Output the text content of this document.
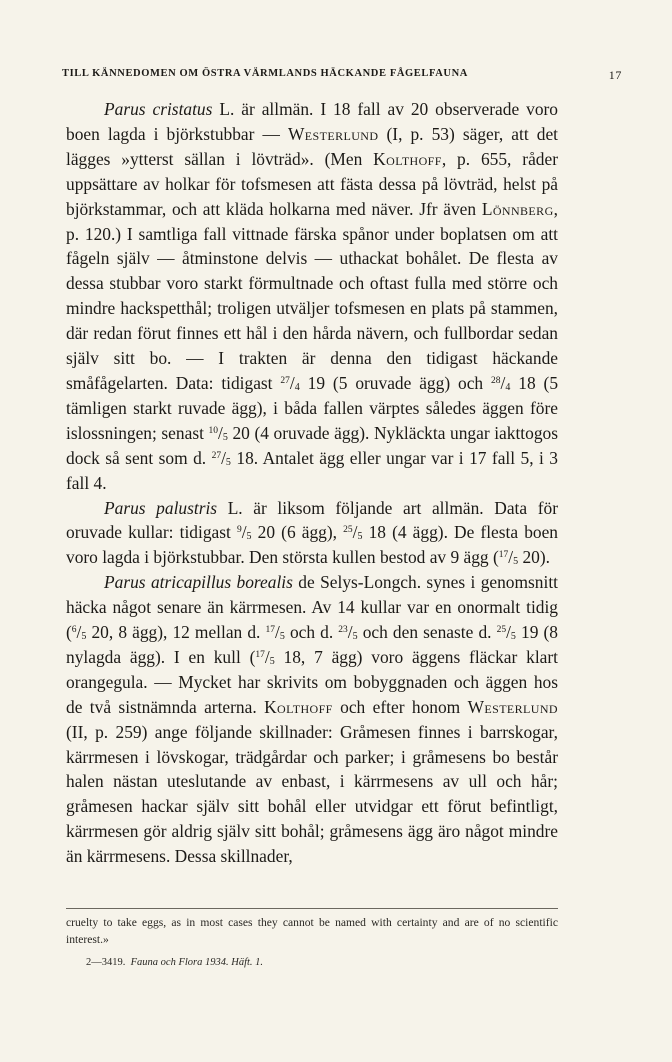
TILL KÄNNEDOMEN OM ÖSTRA VÄRMLANDS HÄCKANDE FÅGELFAUNA	17

Parus cristatus L. är allmän. I 18 fall av 20 observerade voro boen lagda i björkstubbar — Westerlund (I, p. 53) säger, att det lägges »ytterst sällan i lövträd». (Men Kolthoff, p. 655, råder uppsättare av holkar för tofsmesen att fästa dessa på lövträd, helst på björkstammar, och att kläda holkarna med näver. Jfr även Lönnberg, p. 120.) I samtliga fall vittnade färska spånor under boplatsen om att fågeln själv — åtminstone delvis — uthackat bohålet. De flesta av dessa stubbar voro starkt förmultnade och oftast fulla med större och mindre hackspetthål; troligen utväljer tofsmesen en plats på stammen, där redan förut finnes ett hål i den hårda nävern, och fullbordar sedan själv sitt bo. — I trakten är denna den tidigast häckande småfågelarten. Data: tidigast $^{27}/_4$ 19 (5 oruvade ägg) och $^{28}/_4$ 18 (5 tämligen starkt ruvade ägg), i båda fallen värptes således äggen före islossningen; senast $^{10}/_5$ 20 (4 oruvade ägg). Nykläckta ungar iakttogos dock så sent som d. $^{27}/_5$ 18. Antalet ägg eller ungar var i 17 fall 5, i 3 fall 4.

Parus palustris L. är liksom följande art allmän. Data för oruvade kullar: tidigast $^9/_5$ 20 (6 ägg), $^{25}/_5$ 18 (4 ägg). De flesta boen voro lagda i björkstubbar. Den största kullen bestod av 9 ägg ($^{17}/_5$ 20).

Parus atricapillus borealis de Selys-Longch. synes i genomsnitt häcka något senare än kärrmesen. Av 14 kullar var en onormalt tidig ($^6/_5$ 20, 8 ägg), 12 mellan d. $^{17}/_5$ och d. $^{23}/_5$ och den senaste d. $^{25}/_5$ 19 (8 nylagda ägg). I en kull ($^{17}/_5$ 18, 7 ägg) voro äggens fläckar klart orangegula. — Mycket har skrivits om bobyggnaden och äggen hos de två sistnämnda arterna. Kolthoff och efter honom Westerlund (II, p. 259) ange följande skillnader: Gråmesen finnes i barrskogar, kärrmesen i lövskogar, trädgårdar och parker; i gråmesens bo består halen nästan uteslutande av enbast, i kärrmesens av ull och hår; gråmesen hackar själv sitt bohål eller utvidgar ett förut befintligt, kärrmesen gör aldrig själv sitt bohål; gråmesens ägg äro något mindre än kärrmesens. Dessa skillnader,

cruelty to take eggs, as in most cases they cannot be named with certainty and are of no scientific interest.»
2—3419. Fauna och Flora 1934. Häft. 1.
